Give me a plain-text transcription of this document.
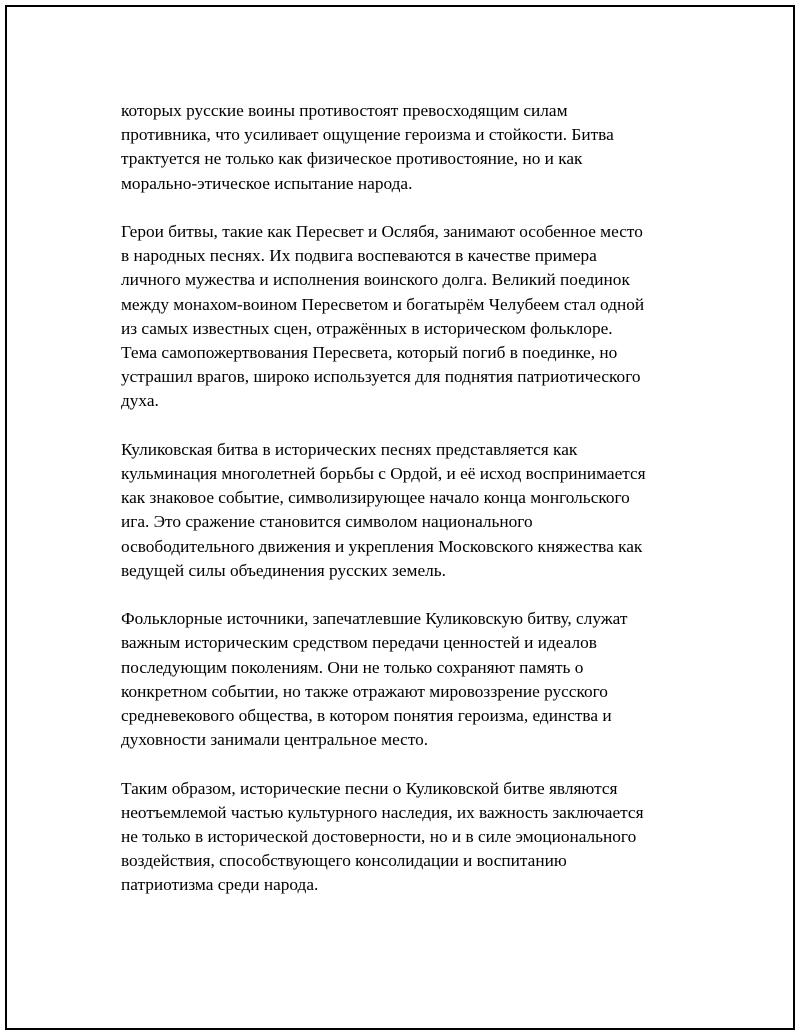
которых русские воины противостоят превосходящим силам
противника, что усиливает ощущение героизма и стойкости. Битва
трактуется не только как физическое противостояние, но и как
морально-этическое испытание народа.

Герои битвы, такие как Пересвет и Ослябя, занимают особенное место
в народных песнях. Их подвига воспеваются в качестве примера
личного мужества и исполнения воинского долга. Великий поединок
между монахом-воином Пересветом и богатырём Челубеем стал одной
из самых известных сцен, отражённых в историческом фольклоре.
Тема самопожертвования Пересвета, который погиб в поединке, но
устрашил врагов, широко используется для поднятия патриотического
духа.

Куликовская битва в исторических песнях представляется как
кульминация многолетней борьбы с Ордой, и её исход воспринимается
как знаковое событие, символизирующее начало конца монгольского
ига. Это сражение становится символом национального
освободительного движения и укрепления Московского княжества как
ведущей силы объединения русских земель.

Фольклорные источники, запечатлевшие Куликовскую битву, служат
важным историческим средством передачи ценностей и идеалов
последующим поколениям. Они не только сохраняют память о
конкретном событии, но также отражают мировоззрение русского
средневекового общества, в котором понятия героизма, единства и
духовности занимали центральное место.

Таким образом, исторические песни о Куликовской битве являются
неотъемлемой частью культурного наследия, их важность заключается
не только в исторической достоверности, но и в силе эмоционального
воздействия, способствующего консолидации и воспитанию
патриотизма среди народа.
